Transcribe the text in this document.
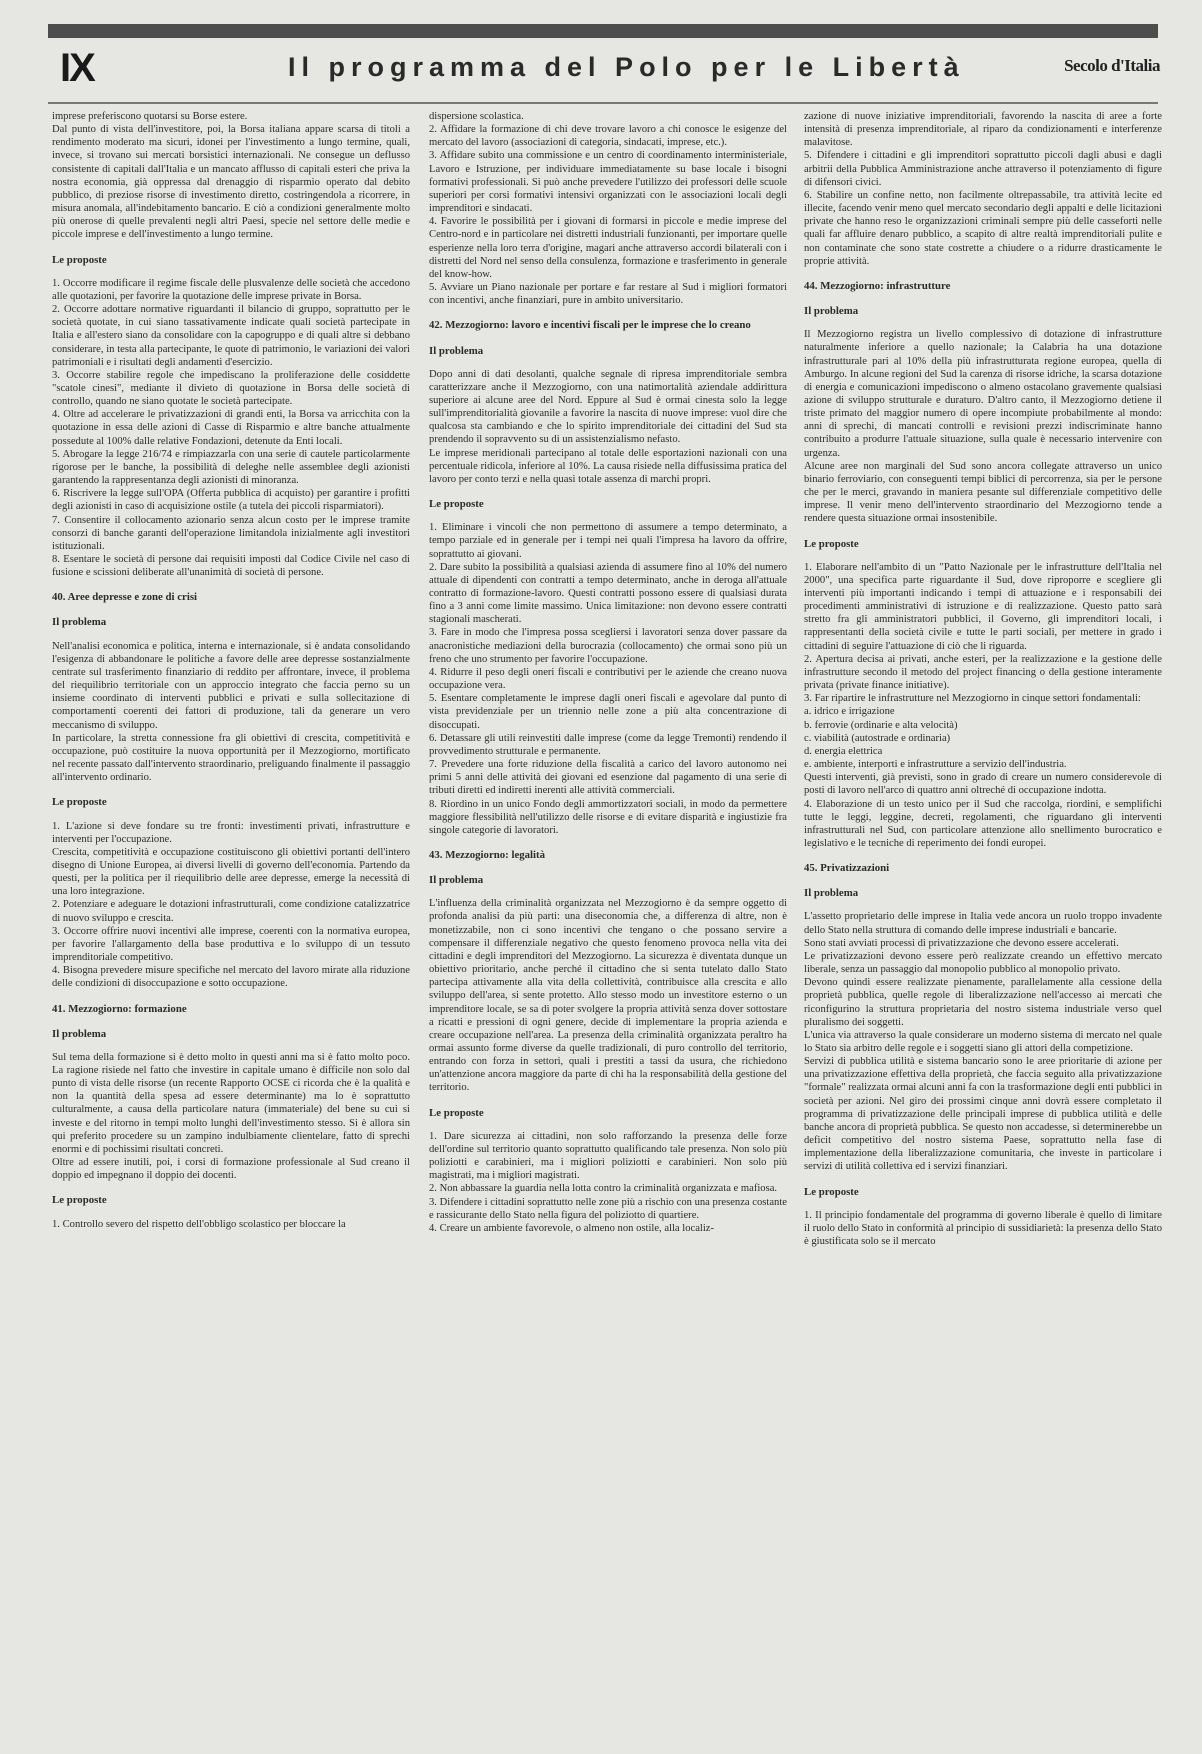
IX	Il programma del Polo per le Libertà	Secolo d'Italia

imprese preferiscono quotarsi su Borse estere.

Dal punto di vista dell'investitore, poi, la Borsa italiana appare scarsa di titoli a rendimento moderato ma sicuri, idonei per l'investimento a lungo termine, quali, invece, si trovano sui mercati borsistici internazionali. Ne consegue un deflusso consistente di capitali dall'Italia e un mancato afflusso di capitali esteri che priva la nostra economia, già oppressa dal drenaggio di risparmio operato dal debito pubblico, di preziose risorse di investimento diretto, costringendola a ricorrere, in misura anomala, all'indebitamento bancario. E ciò a condizioni generalmente molto più onerose di quelle prevalenti negli altri Paesi, specie nel settore delle medie e piccole imprese e dell'investimento a lungo termine.

Le proposte

1. Occorre modificare il regime fiscale delle plusvalenze delle società che accedono alle quotazioni, per favorire la quotazione delle imprese private in Borsa.

2. Occorre adottare normative riguardanti il bilancio di gruppo, soprattutto per le società quotate, in cui siano tassativamente indicate quali società partecipate in Italia e all'estero siano da consolidare con la capogruppo e di quali altre si debbano considerare, in testa alla partecipante, le quote di patrimonio, le variazioni dei valori patrimoniali e i risultati degli andamenti d'esercizio.

3. Occorre stabilire regole che impediscano la proliferazione delle cosiddette "scatole cinesi", mediante il divieto di quotazione in Borsa delle società di controllo, quando ne siano quotate le società partecipate.

4. Oltre ad accelerare le privatizzazioni di grandi enti, la Borsa va arricchita con la quotazione in essa delle azioni di Casse di Risparmio e altre banche attualmente possedute al 100% dalle relative Fondazioni, detenute da Enti locali.

5. Abrogare la legge 216/74 e rimpiazzarla con una serie di cautele particolarmente rigorose per le banche, la possibilità di deleghe nelle assemblee degli azionisti garantendo la rappresentanza degli azionisti di minoranza.

6. Riscrivere la legge sull'OPA (Offerta pubblica di acquisto) per garantire i profitti degli azionisti in caso di acquisizione ostile (a tutela dei piccoli risparmiatori).

7. Consentire il collocamento azionario senza alcun costo per le imprese tramite consorzi di banche garanti dell'operazione limitandola inizialmente agli investitori istituzionali.

8. Esentare le società di persone dai requisiti imposti dal Codice Civile nel caso di fusione e scissioni deliberate all'unanimità di società di persone.

40. Aree depresse e zone di crisi
Il problema

Nell'analisi economica e politica, interna e internazionale, si è andata consolidando l'esigenza di abbandonare le politiche a favore delle aree depresse sostanzialmente centrate sul trasferimento finanziario di reddito per affrontare, invece, il problema del riequilibrio territoriale con un approccio integrato che faccia perno su un insieme coordinato di interventi pubblici e privati e sulla sollecitazione di comportamenti coerenti dei fattori di produzione, tali da generare un vero meccanismo di sviluppo.

In particolare, la stretta connessione fra gli obiettivi di crescita, competitività e occupazione, può costituire la nuova opportunità per il Mezzogiorno, mortificato nel recente passato dall'intervento straordinario, preliguando finalmente il passaggio all'intervento ordinario.

Le proposte

1. L'azione si deve fondare su tre fronti: investimenti privati, infrastrutture e interventi per l'occupazione.

Crescita, competitività e occupazione costituiscono gli obiettivi portanti dell'intero disegno di Unione Europea, ai diversi livelli di governo dell'economia. Partendo da questi, per la politica per il riequilibrio delle aree depresse, emerge la necessità di una loro integrazione.

2. Potenziare e adeguare le dotazioni infrastrutturali, come condizione catalizzatrice di nuovo sviluppo e crescita.

3. Occorre offrire nuovi incentivi alle imprese, coerenti con la normativa europea, per favorire l'allargamento della base produttiva e lo sviluppo di un tessuto imprenditoriale competitivo.

4. Bisogna prevedere misure specifiche nel mercato del lavoro mirate alla riduzione delle condizioni di disoccupazione e sotto occupazione.

41. Mezzogiorno: formazione
Il problema

Sul tema della formazione si è detto molto in questi anni ma si è fatto molto poco. La ragione risiede nel fatto che investire in capitale umano è difficile non solo dal punto di vista delle risorse (un recente Rapporto OCSE ci ricorda che è la qualità e non la quantità della spesa ad essere determinante) ma lo è soprattutto culturalmente, a causa della particolare natura (immateriale) del bene su cui si investe e del ritorno in tempi molto lunghi dell'investimento stesso. Si è allora sin qui preferito procedere su un zampino indulbiamente clientelare, fatto di sprechi enormi e di pochissimi risultati concreti.

Oltre ad essere inutili, poi, i corsi di formazione professionale al Sud creano il doppio ed impegnano il doppio dei docenti.

Le proposte

1. Controllo severo del rispetto dell'obbligo scolastico per bloccare la

dispersione scolastica.

2. Affidare la formazione di chi deve trovare lavoro a chi conosce le esigenze del mercato del lavoro (associazioni di categoria, sindacati, imprese, etc.).

3. Affidare subito una commissione e un centro di coordinamento interministeriale, Lavoro e Istruzione, per individuare immediatamente su base locale i bisogni formativi professionali. Si può anche prevedere l'utilizzo dei professori delle scuole superiori per corsi formativi intensivi organizzati con le associazioni locali degli imprenditori e sindacati.

4. Favorire le possibilità per i giovani di formarsi in piccole e medie imprese del Centro-nord e in particolare nei distretti industriali funzionanti, per importare quelle esperienze nella loro terra d'origine, magari anche attraverso accordi bilaterali con i distretti del Nord nel senso della consulenza, formazione e trasferimento in generale del know-how.

5. Avviare un Piano nazionale per portare e far restare al Sud i migliori formatori con incentivi, anche finanziari, pure in ambito universitario.

42. Mezzogiorno: lavoro e incentivi fiscali per le imprese che lo creano
Il problema

Dopo anni di dati desolanti, qualche segnale di ripresa imprenditoriale sembra caratterizzare anche il Mezzogiorno, con una natimortalità aziendale addirittura superiore ai alcune aree del Nord. Eppure al Sud è ormai cinesta solo la legge sull'imprenditorialità giovanile a favorire la nascita di nuove imprese: vuol dire che qualcosa sta cambiando e che lo spirito imprenditoriale dei cittadini del Sud sta prendendo il sopravvento su di un assistenzialismo nefasto.

Le imprese meridionali partecipano al totale delle esportazioni nazionali con una percentuale ridicola, inferiore al 10%. La causa risiede nella diffusissima pratica del lavoro per conto terzi e nella quasi totale assenza di marchi propri.

Le proposte

1. Eliminare i vincoli che non permettono di assumere a tempo determinato, a tempo parziale ed in generale per i tempi nei quali l'impresa ha lavoro da offrire, soprattutto ai giovani.

2. Dare subito la possibilità a qualsiasi azienda di assumere fino al 10% del numero attuale di dipendenti con contratti a tempo determinato, anche in deroga all'attuale contratto di formazione-lavoro. Questi contratti possono essere di qualsiasi durata fino a 3 anni come limite massimo. Unica limitazione: non devono essere contratti stagionali mascherati.

3. Fare in modo che l'impresa possa scegliersi i lavoratori senza dover passare da anacronistiche mediazioni della burocrazia (collocamento) che ormai sono più un freno che uno strumento per favorire l'occupazione.

4. Ridurre il peso degli oneri fiscali e contributivi per le aziende che creano nuova occupazione vera.

5. Esentare completamente le imprese dagli oneri fiscali e agevolare dal punto di vista previdenziale per un triennio nelle zone a più alta concentrazione di disoccupati.

6. Detassare gli utili reinvestiti dalle imprese (come da legge Tremonti) rendendo il provvedimento strutturale e permanente.

7. Prevedere una forte riduzione della fiscalità a carico del lavoro autonomo nei primi 5 anni delle attività dei giovani ed esenzione dal pagamento di una serie di tributi diretti ed indiretti inerenti alle attività commerciali.

8. Riordino in un unico Fondo degli ammortizzatori sociali, in modo da permettere maggiore flessibilità nell'utilizzo delle risorse e di evitare disparità e ingiustizie fra singole categorie di lavoratori.

43. Mezzogiorno: legalità
Il problema

L'influenza della criminalità organizzata nel Mezzogiorno è da sempre oggetto di profonda analisi da più parti: una diseconomia che, a differenza di altre, non è monetizzabile, non ci sono incentivi che tengano o che possano servire a compensare il differenziale negativo che questo fenomeno provoca nella vita dei cittadini e degli imprenditori del Mezzogiorno. La sicurezza è diventata dunque un obiettivo prioritario, anche perché il cittadino che si senta tutelato dallo Stato partecipa attivamente alla vita della collettività, contribuisce alla crescita e allo sviluppo dell'area, si sente protetto. Allo stesso modo un investitore esterno o un imprenditore locale, se sa di poter svolgere la propria attività senza dover sottostare a ricatti e pressioni di ogni genere, decide di implementare la propria azienda e creare occupazione nell'area. La presenza della criminalità organizzata peraltro ha ormai assunto forme diverse da quelle tradizionali, di puro controllo del territorio, entrando con forza in settori, quali i prestiti a tassi da usura, che richiedono un'attenzione ancora maggiore da parte di chi ha la responsabilità della gestione del territorio.

Le proposte

1. Dare sicurezza ai cittadini, non solo rafforzando la presenza delle forze dell'ordine sul territorio quanto soprattutto qualificando tale presenza. Non solo più poliziotti e carabinieri, ma i migliori poliziotti e carabinieri. Non solo più magistrati, ma i migliori magistrati.

2. Non abbassare la guardia nella lotta contro la criminalità organizzata e mafiosa.

3. Difendere i cittadini soprattutto nelle zone più a rischio con una presenza costante e rassicurante dello Stato nella figura del poliziotto di quartiere.

4. Creare un ambiente favorevole, o almeno non ostile, alla localiz-

zazione di nuove iniziative imprenditoriali, favorendo la nascita di aree a forte intensità di presenza imprenditoriale, al riparo da condizionamenti e interferenze malavitose.

5. Difendere i cittadini e gli imprenditori soprattutto piccoli dagli abusi e dagli arbitrii della Pubblica Amministrazione anche attraverso il potenziamento di figure di difensori civici.

6. Stabilire un confine netto, non facilmente oltrepassabile, tra attività lecite ed illecite, facendo venir meno quel mercato secondario degli appalti e delle licitazioni private che hanno reso le organizzazioni criminali sempre più delle casseforti nelle quali far affluire denaro pubblico, a scapito di altre realtà imprenditoriali pulite e non contaminate che sono state costrette a chiudere o a ridurre drasticamente le proprie attività.

44. Mezzogiorno: infrastrutture
Il problema

Il Mezzogiorno registra un livello complessivo di dotazione di infrastrutture naturalmente inferiore a quello nazionale; la Calabria ha una dotazione infrastrutturale pari al 10% della più infrastrutturata regione europea, quella di Amburgo. In alcune regioni del Sud la carenza di risorse idriche, la scarsa dotazione di energia e comunicazioni impediscono o almeno ostacolano gravemente qualsiasi azione di sviluppo strutturale e duraturo. D'altro canto, il Mezzogiorno detiene il triste primato del maggior numero di opere incompiute probabilmente al mondo: anni di sprechi, di mancati controlli e revisioni prezzi indiscriminate hanno contribuito a produrre l'attuale situazione, sulla quale è necessario intervenire con urgenza.

Alcune aree non marginali del Sud sono ancora collegate attraverso un unico binario ferroviario, con conseguenti tempi biblici di percorrenza, sia per le persone che per le merci, gravando in maniera pesante sul differenziale competitivo delle imprese. Il venir meno dell'intervento straordinario del Mezzogiorno tende a rendere questa situazione ormai insostenibile.

Le proposte

1. Elaborare nell'ambito di un "Patto Nazionale per le infrastrutture dell'Italia nel 2000", una specifica parte riguardante il Sud, dove riproporre e scegliere gli interventi più importanti indicando i tempi di attuazione e i responsabili dei procedimenti amministrativi di istruzione e di realizzazione. Questo patto sarà stretto fra gli amministratori pubblici, il Governo, gli imprenditori locali, i rappresentanti della società civile e tutte le parti sociali, per mettere in grado i cittadini di seguire l'attuazione di ciò che li riguarda.

2. Apertura decisa ai privati, anche esteri, per la realizzazione e la gestione delle infrastrutture secondo il metodo del project financing o della gestione interamente privata (private finance initiative).

3. Far ripartire le infrastrutture nel Mezzogiorno in cinque settori fondamentali:

a. idrico e irrigazione

b. ferrovie (ordinarie e alta velocità)

c. viabilità (autostrade e ordinaria)

d. energia elettrica

e. ambiente, interporti e infrastrutture a servizio dell'industria.

Questi interventi, già previsti, sono in grado di creare un numero considerevole di posti di lavoro nell'arco di quattro anni oltreché di occupazione indotta.

4. Elaborazione di un testo unico per il Sud che raccolga, riordini, e semplifichi tutte le leggi, leggine, decreti, regolamenti, che riguardano gli interventi infrastrutturali nel Sud, con particolare attenzione allo snellimento burocratico e legislativo e le tecniche di reperimento dei fondi europei.

45. Privatizzazioni
Il problema

L'assetto proprietario delle imprese in Italia vede ancora un ruolo troppo invadente dello Stato nella struttura di comando delle imprese industriali e bancarie.

Sono stati avviati processi di privatizzazione che devono essere accelerati.

Le privatizzazioni devono essere però realizzate creando un effettivo mercato liberale, senza un passaggio dal monopolio pubblico al monopolio privato.

Devono quindi essere realizzate pienamente, parallelamente alla cessione della proprietà pubblica, quelle regole di liberalizzazione nell'accesso ai mercati che riconfigurino la struttura proprietaria del nostro sistema industriale verso quel pluralismo dei soggetti.

L'unica via attraverso la quale considerare un moderno sistema di mercato nel quale lo Stato sia arbitro delle regole e i soggetti siano gli attori della competizione.

Servizi di pubblica utilità e sistema bancario sono le aree prioritarie di azione per una privatizzazione effettiva della proprietà, che faccia seguito alla privatizzazione "formale" realizzata ormai alcuni anni fa con la trasformazione degli enti pubblici in società per azioni. Nel giro dei prossimi cinque anni dovrà essere completato il programma di privatizzazione delle principali imprese di pubblica utilità e delle banche ancora di proprietà pubblica. Se questo non accadesse, si determinerebbe un deficit competitivo del nostro sistema Paese, soprattutto nella fase di implementazione della liberalizzazione comunitaria, che investe in particolare i servizi di utilità collettiva ed i servizi finanziari.

Le proposte

1. Il principio fondamentale del programma di governo liberale è quello di limitare il ruolo dello Stato in conformità al principio di sussidiarietà: la presenza dello Stato è giustificata solo se il mercato
